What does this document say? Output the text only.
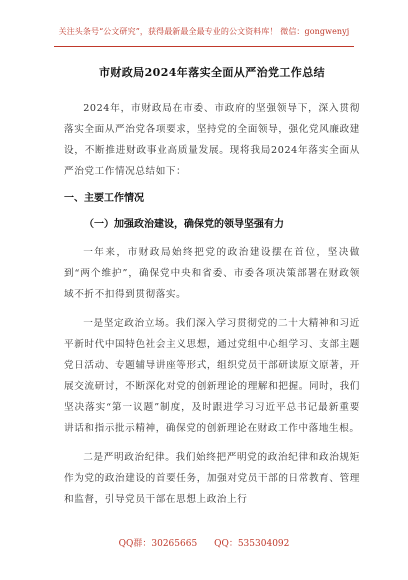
关注头条号“公文研究”，获得最新最全最专业的公文资料库！ 微信：gongwenyj
市财政局2024年落实全面从严治党工作总结

2024年，市财政局在市委、市政府的坚强领导下，深入贯彻落实全面从严治党各项要求，坚持党的全面领导，强化党风廉政建设，不断推进财政事业高质量发展。现将我局2024年落实全面从严治党工作情况总结如下：

一、主要工作情况
（一）加强政治建设，确保党的领导坚强有力

一年来，市财政局始终把党的政治建设摆在首位，坚决做到“两个维护”，确保党中央和省委、市委各项决策部署在财政领域不折不扣得到贯彻落实。

一是坚定政治立场。我们深入学习贯彻党的二十大精神和习近平新时代中国特色社会主义思想，通过党组中心组学习、支部主题党日活动、专题辅导讲座等形式，组织党员干部研读原文原著，开展交流研讨，不断深化对党的创新理论的理解和把握。同时，我们坚决落实“第一议题”制度，及时跟进学习习近平总书记最新重要讲话和指示批示精神，确保党的创新理论在财政工作中落地生根。

二是严明政治纪律。我们始终把严明党的政治纪律和政治规矩作为党的政治建设的首要任务，加强对党员干部的日常教育、管理和监督，引导党员干部在思想上政治上行

QQ群：30265665 QQ：535304092
